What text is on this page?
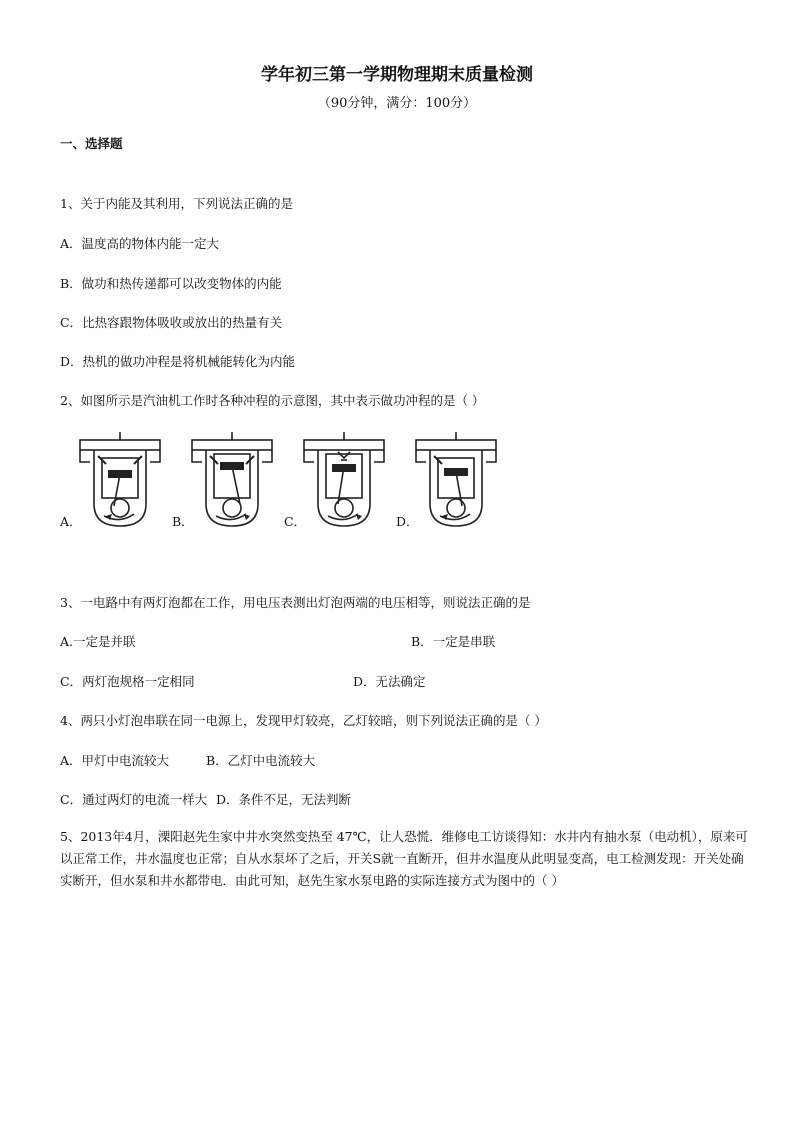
学年初三第一学期物理期末质量检测
（90分钟，满分：100分）
一、选择题
1、关于内能及其利用，下列说法正确的是
A．温度高的物体内能一定大
B．做功和热传递都可以改变物体的内能
C．比热容跟物体吸收或放出的热量有关
D．热机的做功冲程是将机械能转化为内能
2、如图所示是汽油机工作时各种冲程的示意图，其中表示做功冲程的是（ ）
A．	B．	C．	D．
3、一电路中有两灯泡都在工作，用电压表测出灯泡两端的电压相等，则说法正确的是
A.一定是并联	B．一定是串联
C．两灯泡规格一定相同	D．无法确定
4、两只小灯泡串联在同一电源上，发现甲灯较亮，乙灯较暗，则下列说法正确的是（ ）
A．甲灯中电流较大	B．乙灯中电流较大
C．通过两灯的电流一样大 D．条件不足，无法判断
5、2013年4月，溧阳赵先生家中井水突然变热至 47℃，让人恐慌．维修电工访谈得知：水井内有抽水泵（电动机），原来可以正常工作，井水温度也正常；自从水泵坏了之后，开关S就一直断开，但井水温度从此明显变高，电工检测发现：开关处确实断开，但水泵和井水都带电．由此可知，赵先生家水泵电路的实际连接方式为图中的（ ）
